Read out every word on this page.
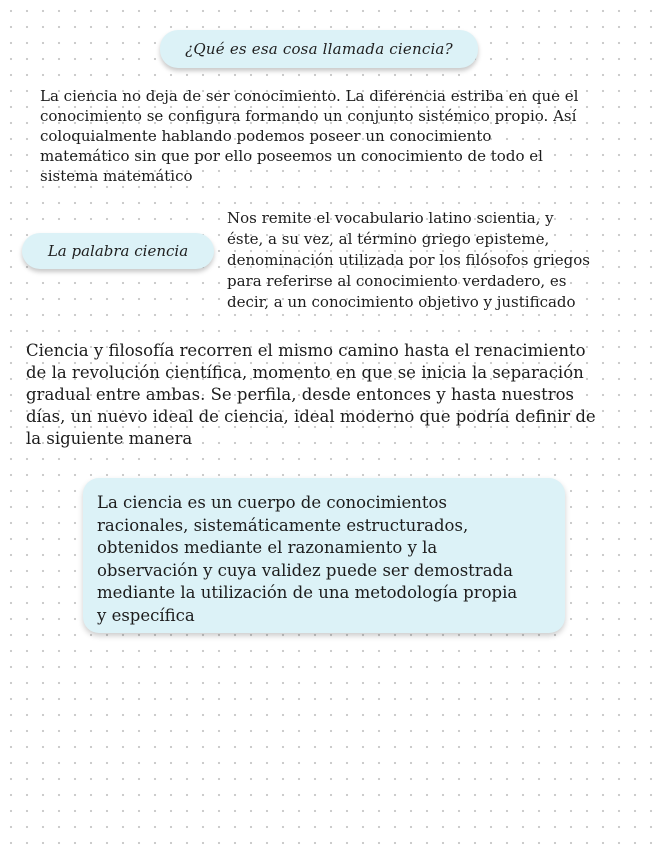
¿Qué es esa cosa llamada ciencia?

La ciencia no deja de ser conocimiento. La diferencia estriba en que el
conocimiento se configura formando un conjunto sistémico propio. Así
coloquialmente hablando podemos poseer un conocimiento
matemático sin que por ello poseemos un conocimiento de todo el
sistema matemático

La palabra ciencia

Nos remite el vocabulario latino scientia, y
éste, a su vez, al término griego episteme,
denominación utilizada por los filósofos griegos
para referirse al conocimiento verdadero, es
decir, a un conocimiento objetivo y justificado

Ciencia y filosofía recorren el mismo camino hasta el renacimiento
de la revolución científica, momento en que se inicia la separación
gradual entre ambas. Se perfila, desde entonces y hasta nuestros
días, un nuevo ideal de ciencia, ideal moderno que podría definir de
la siguiente manera

La ciencia es un cuerpo de conocimientos
racionales, sistemáticamente estructurados,
obtenidos mediante el razonamiento y la
observación y cuya validez puede ser demostrada
mediante la utilización de una metodología propia
y específica
